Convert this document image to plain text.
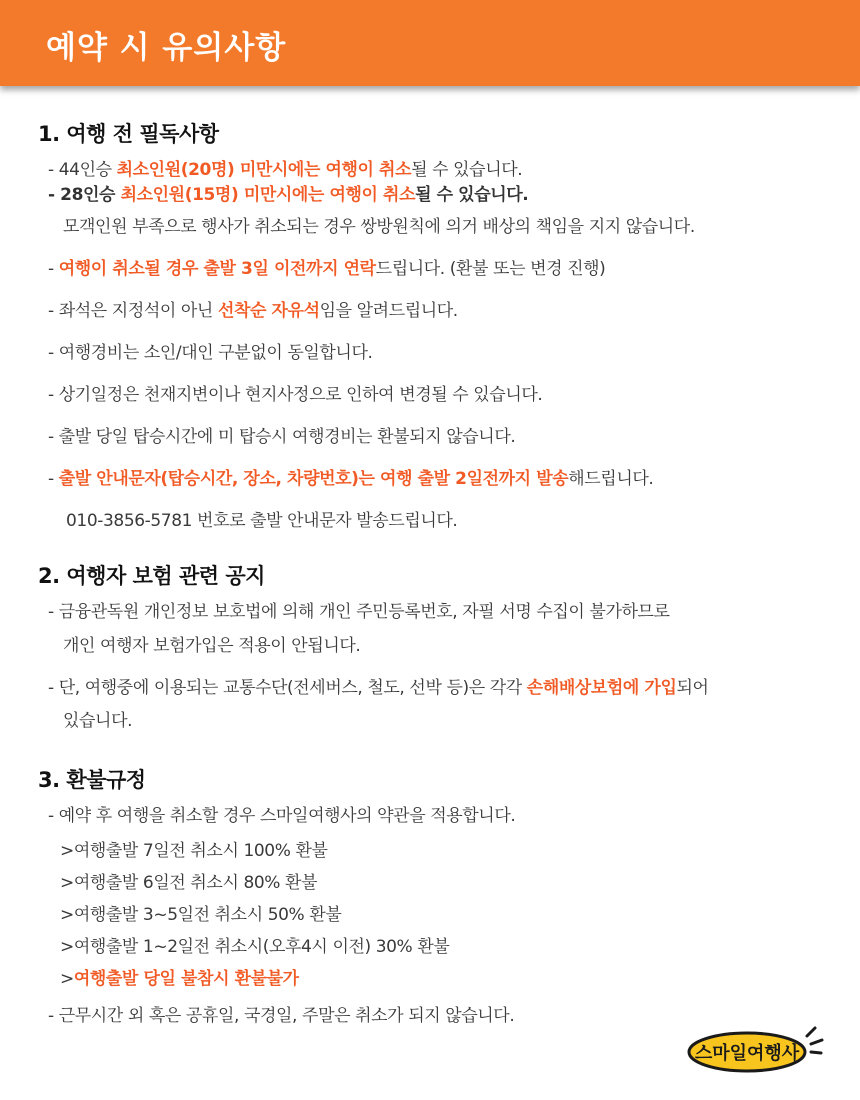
예약 시 유의사항
1. 여행 전 필독사항
- 44인승 최소인원(20명) 미만시에는 여행이 취소될 수 있습니다.
- 28인승 최소인원(15명) 미만시에는 여행이 취소될 수 있습니다.
모객인원 부족으로 행사가 취소되는 경우 쌍방원칙에 의거 배상의 책임을 지지 않습니다.
- 여행이 취소될 경우 출발 3일 이전까지 연락드립니다. (환불 또는 변경 진행)
- 좌석은 지정석이 아닌 선착순 자유석임을 알려드립니다.
- 여행경비는 소인/대인 구분없이 동일합니다.
- 상기일정은 천재지변이나 현지사정으로 인하여 변경될 수 있습니다.
- 출발 당일 탑승시간에 미 탑승시 여행경비는 환불되지 않습니다.
- 출발 안내문자(탑승시간, 장소, 차량번호)는 여행 출발 2일전까지 발송해드립니다.
010-3856-5781 번호로 출발 안내문자 발송드립니다.
2. 여행자 보험 관련 공지
- 금융관독원 개인정보 보호법에 의해 개인 주민등록번호, 자필 서명 수집이 불가하므로
개인 여행자 보험가입은 적용이 안됩니다.
- 단, 여행중에 이용되는 교통수단(전세버스, 철도, 선박 등)은 각각 손해배상보험에 가입되어
있습니다.
3. 환불규정
- 예약 후 여행을 취소할 경우 스마일여행사의 약관을 적용합니다.
>여행출발 7일전 취소시 100% 환불
>여행출발 6일전 취소시 80% 환불
>여행출발 3~5일전 취소시 50% 환불
>여행출발 1~2일전 취소시(오후4시 이전) 30% 환불
>여행출발 당일 불참시 환불불가
- 근무시간 외 혹은 공휴일, 국경일, 주말은 취소가 되지 않습니다.
스마일여행사
